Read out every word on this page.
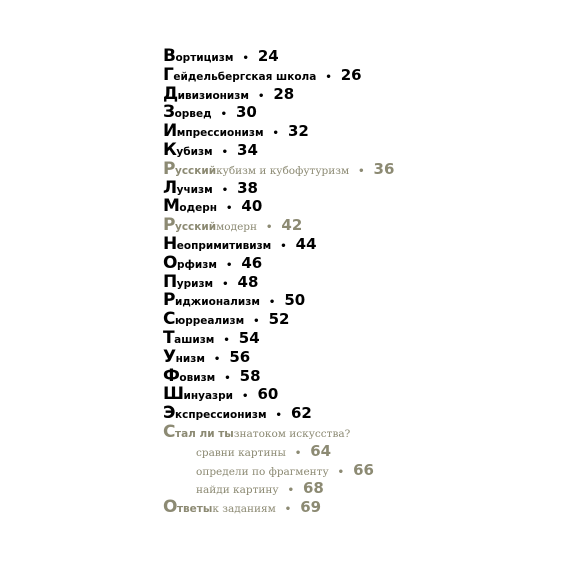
В ортицизм • 24
Г ейдельбергская школа • 26
Д ивизионизм • 28
З орвед • 30
И мпрессионизм • 32
К убизм • 34
Р усский кубизм и кубофутуризм • 36
Л учизм • 38
М одерн • 40
Р усский модерн • 42
Н еопримитивизм • 44
О рфизм • 46
П уризм • 48
Р иджионализм • 50
С юрреализм • 52
Т ашизм • 54
У низм • 56
Ф овизм • 58
Ш инуазри • 60
Э кспрессионизм • 62
С тал ли ты знатоком искусства?
сравни картины • 64
определи по фрагменту • 66
найди картину • 68
О тветы к заданиям • 69
